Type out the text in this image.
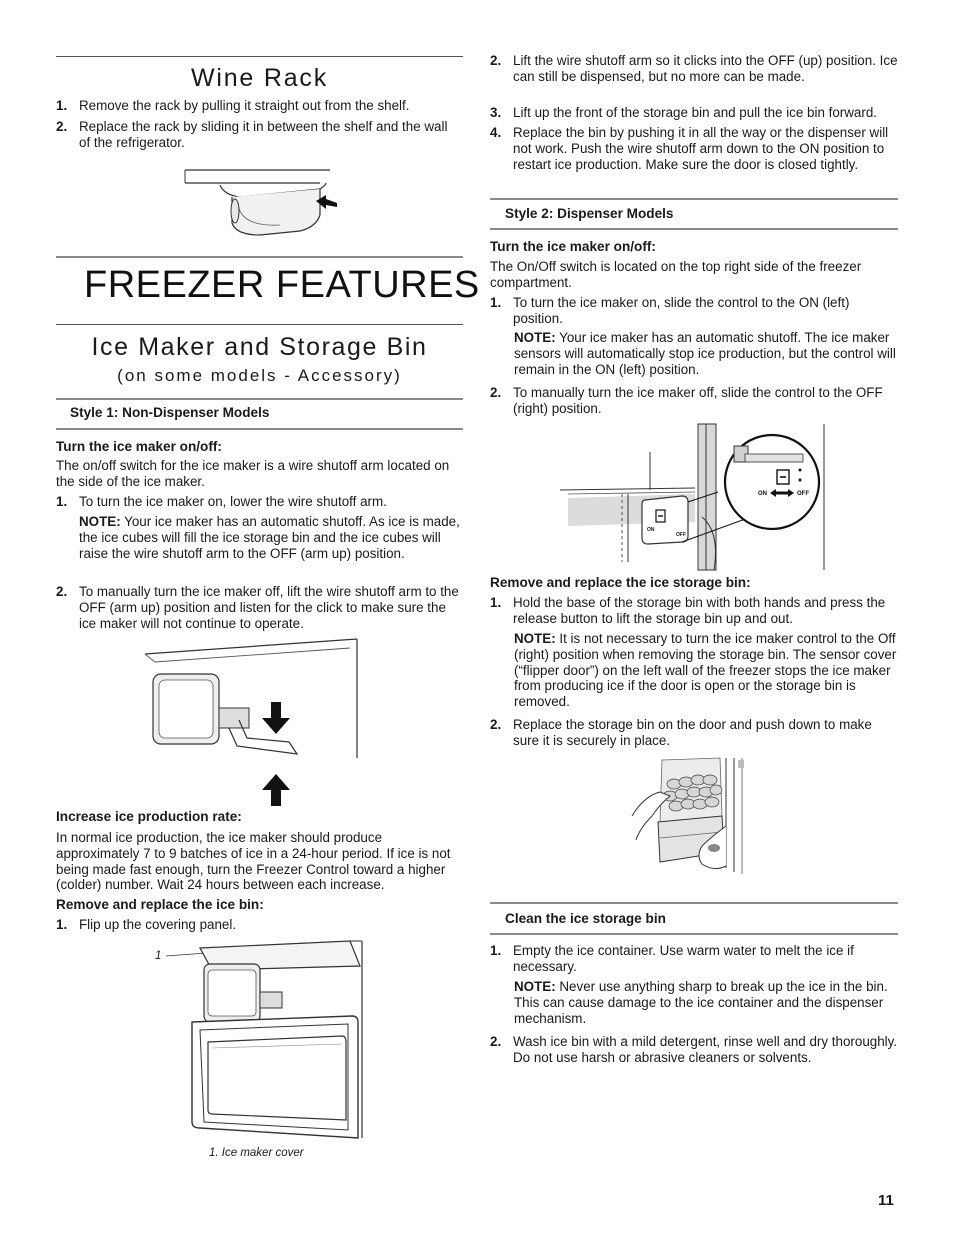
Wine Rack
1. Remove the rack by pulling it straight out from the shelf.
2. Replace the rack by sliding it in between the shelf and the wall of the refrigerator.
FREEZER FEATURES
Ice Maker and Storage Bin
(on some models - Accessory)
Style 1: Non-Dispenser Models
Turn the ice maker on/off:

The on/off switch for the ice maker is a wire shutoff arm located on the side of the ice maker.

1. To turn the ice maker on, lower the wire shutoff arm.

NOTE: Your ice maker has an automatic shutoff. As ice is made, the ice cubes will fill the ice storage bin and the ice cubes will raise the wire shutoff arm to the OFF (arm up) position.

2. To manually turn the ice maker off, lift the wire shutoff arm to the OFF (arm up) position and listen for the click to make sure the ice maker will not continue to operate.
Increase ice production rate:

In normal ice production, the ice maker should produce approximately 7 to 9 batches of ice in a 24-hour period. If ice is not being made fast enough, turn the Freezer Control toward a higher (colder) number. Wait 24 hours between each increase.

Remove and replace the ice bin:
1. Flip up the covering panel.
1
1. Ice maker cover
2. Lift the wire shutoff arm so it clicks into the OFF (up) position. Ice can still be dispensed, but no more can be made.
3. Lift up the front of the storage bin and pull the ice bin forward.
4. Replace the bin by pushing it in all the way or the dispenser will not work. Push the wire shutoff arm down to the ON position to restart ice production. Make sure the door is closed tightly.
Style 2: Dispenser Models
Turn the ice maker on/off:

The On/Off switch is located on the top right side of the freezer compartment.

1. To turn the ice maker on, slide the control to the ON (left) position.

NOTE: Your ice maker has an automatic shutoff. The ice maker sensors will automatically stop ice production, but the control will remain in the ON (left) position.

2. To manually turn the ice maker off, slide the control to the OFF (right) position.
ON
OFF
ON	OFF
Remove and replace the ice storage bin:
1. Hold the base of the storage bin with both hands and press the release button to lift the storage bin up and out.

NOTE: It is not necessary to turn the ice maker control to the Off (right) position when removing the storage bin. The sensor cover (“flipper door”) on the left wall of the freezer stops the ice maker from producing ice if the door is open or the storage bin is removed.

2. Replace the storage bin on the door and push down to make sure it is securely in place.
Clean the ice storage bin
1. Empty the ice container. Use warm water to melt the ice if necessary.

NOTE: Never use anything sharp to break up the ice in the bin. This can cause damage to the ice container and the dispenser mechanism.

2. Wash ice bin with a mild detergent, rinse well and dry thoroughly. Do not use harsh or abrasive cleaners or solvents.
11
